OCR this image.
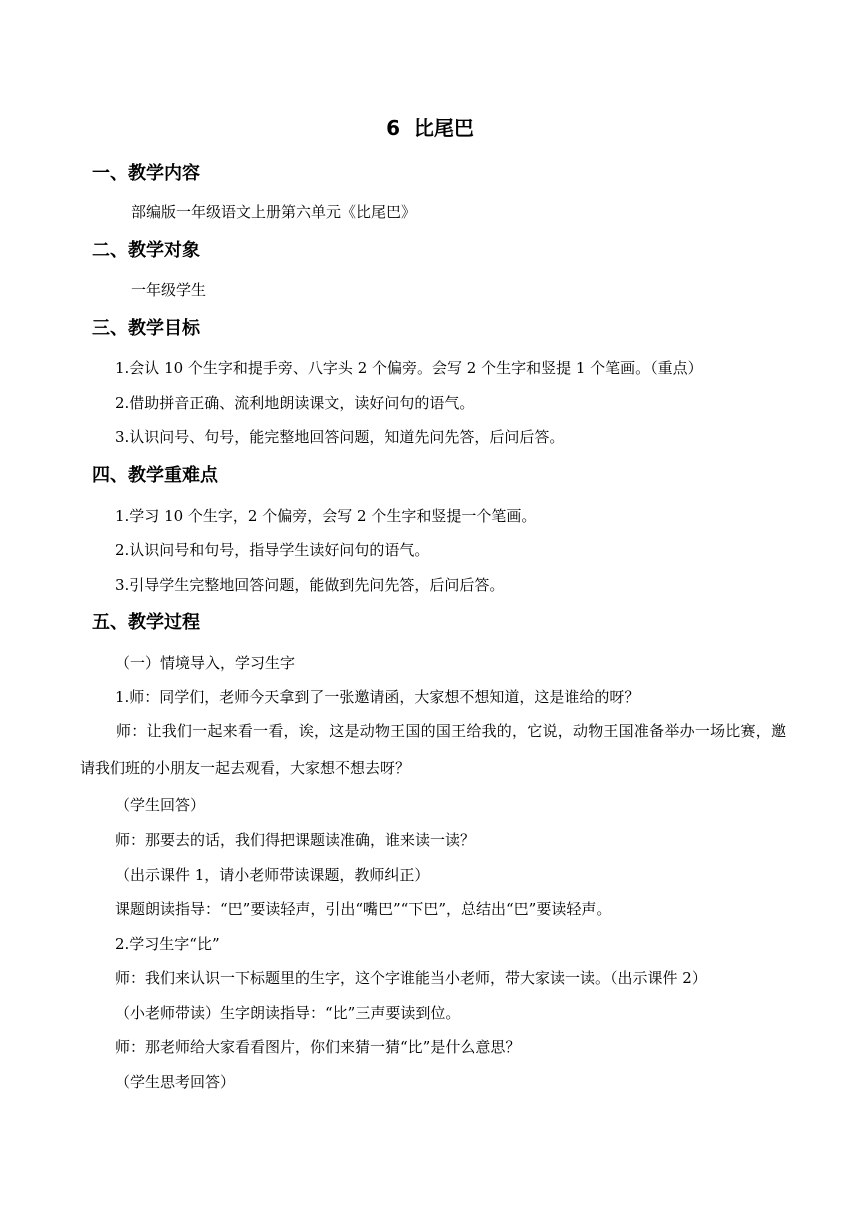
6  比尾巴
一、教学内容
部编版一年级语文上册第六单元《比尾巴》
二、教学对象
一年级学生
三、教学目标
1.会认 10 个生字和提手旁、八字头 2 个偏旁。会写 2 个生字和竖提 1 个笔画。（重点）
2.借助拼音正确、流利地朗读课文，读好问句的语气。
3.认识问号、句号，能完整地回答问题，知道先问先答，后问后答。
四、教学重难点
1.学习 10 个生字，2 个偏旁，会写 2 个生字和竖提一个笔画。
2.认识问号和句号，指导学生读好问句的语气。
3.引导学生完整地回答问题，能做到先问先答，后问后答。
五、教学过程
（一）情境导入，学习生字
1.师：同学们，老师今天拿到了一张邀请函，大家想不想知道，这是谁给的呀？
师：让我们一起来看一看，诶，这是动物王国的国王给我的，它说，动物王国准备举办一场比赛，邀请我们班的小朋友一起去观看，大家想不想去呀？
（学生回答）
师：那要去的话，我们得把课题读准确，谁来读一读？
（出示课件 1，请小老师带读课题，教师纠正）
课题朗读指导：“巴”要读轻声，引出“嘴巴”“下巴”，总结出“巴”要读轻声。
2.学习生字“比”
师：我们来认识一下标题里的生字，这个字谁能当小老师，带大家读一读。（出示课件 2）
（小老师带读）生字朗读指导：“比”三声要读到位。
师：那老师给大家看看图片，你们来猜一猜“比”是什么意思？
（学生思考回答）
